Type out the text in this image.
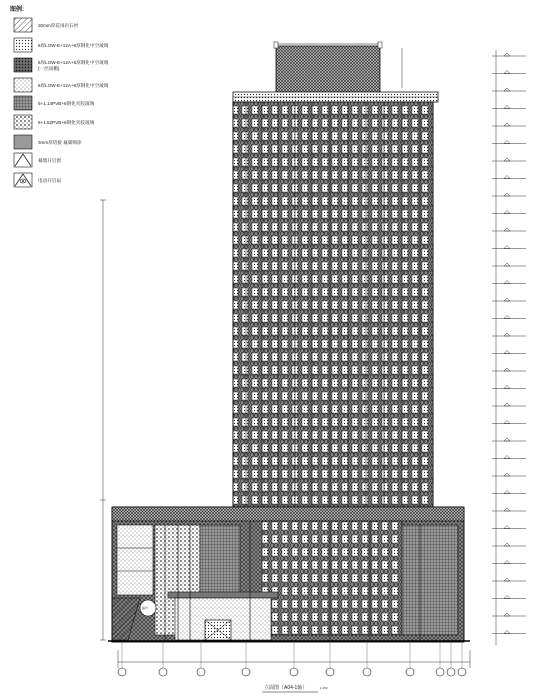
图例:
30mm厚花岗岩石材
6厚LOW-E+12A+6厚钢化中空玻璃
6厚LOW-E+12A+6厚钢化中空玻璃
(一层雨棚)
6厚LOW-E+12A+6厚钢化中空玻璃
6+1.14PVB+6钢化夹胶玻璃
6+1.52PVB+6钢化夹胶玻璃
3mm厚铝板 氟碳喷涂
幕墙开启窗
电动开启扇
编号
立面图（A04-1轴）	1:150
